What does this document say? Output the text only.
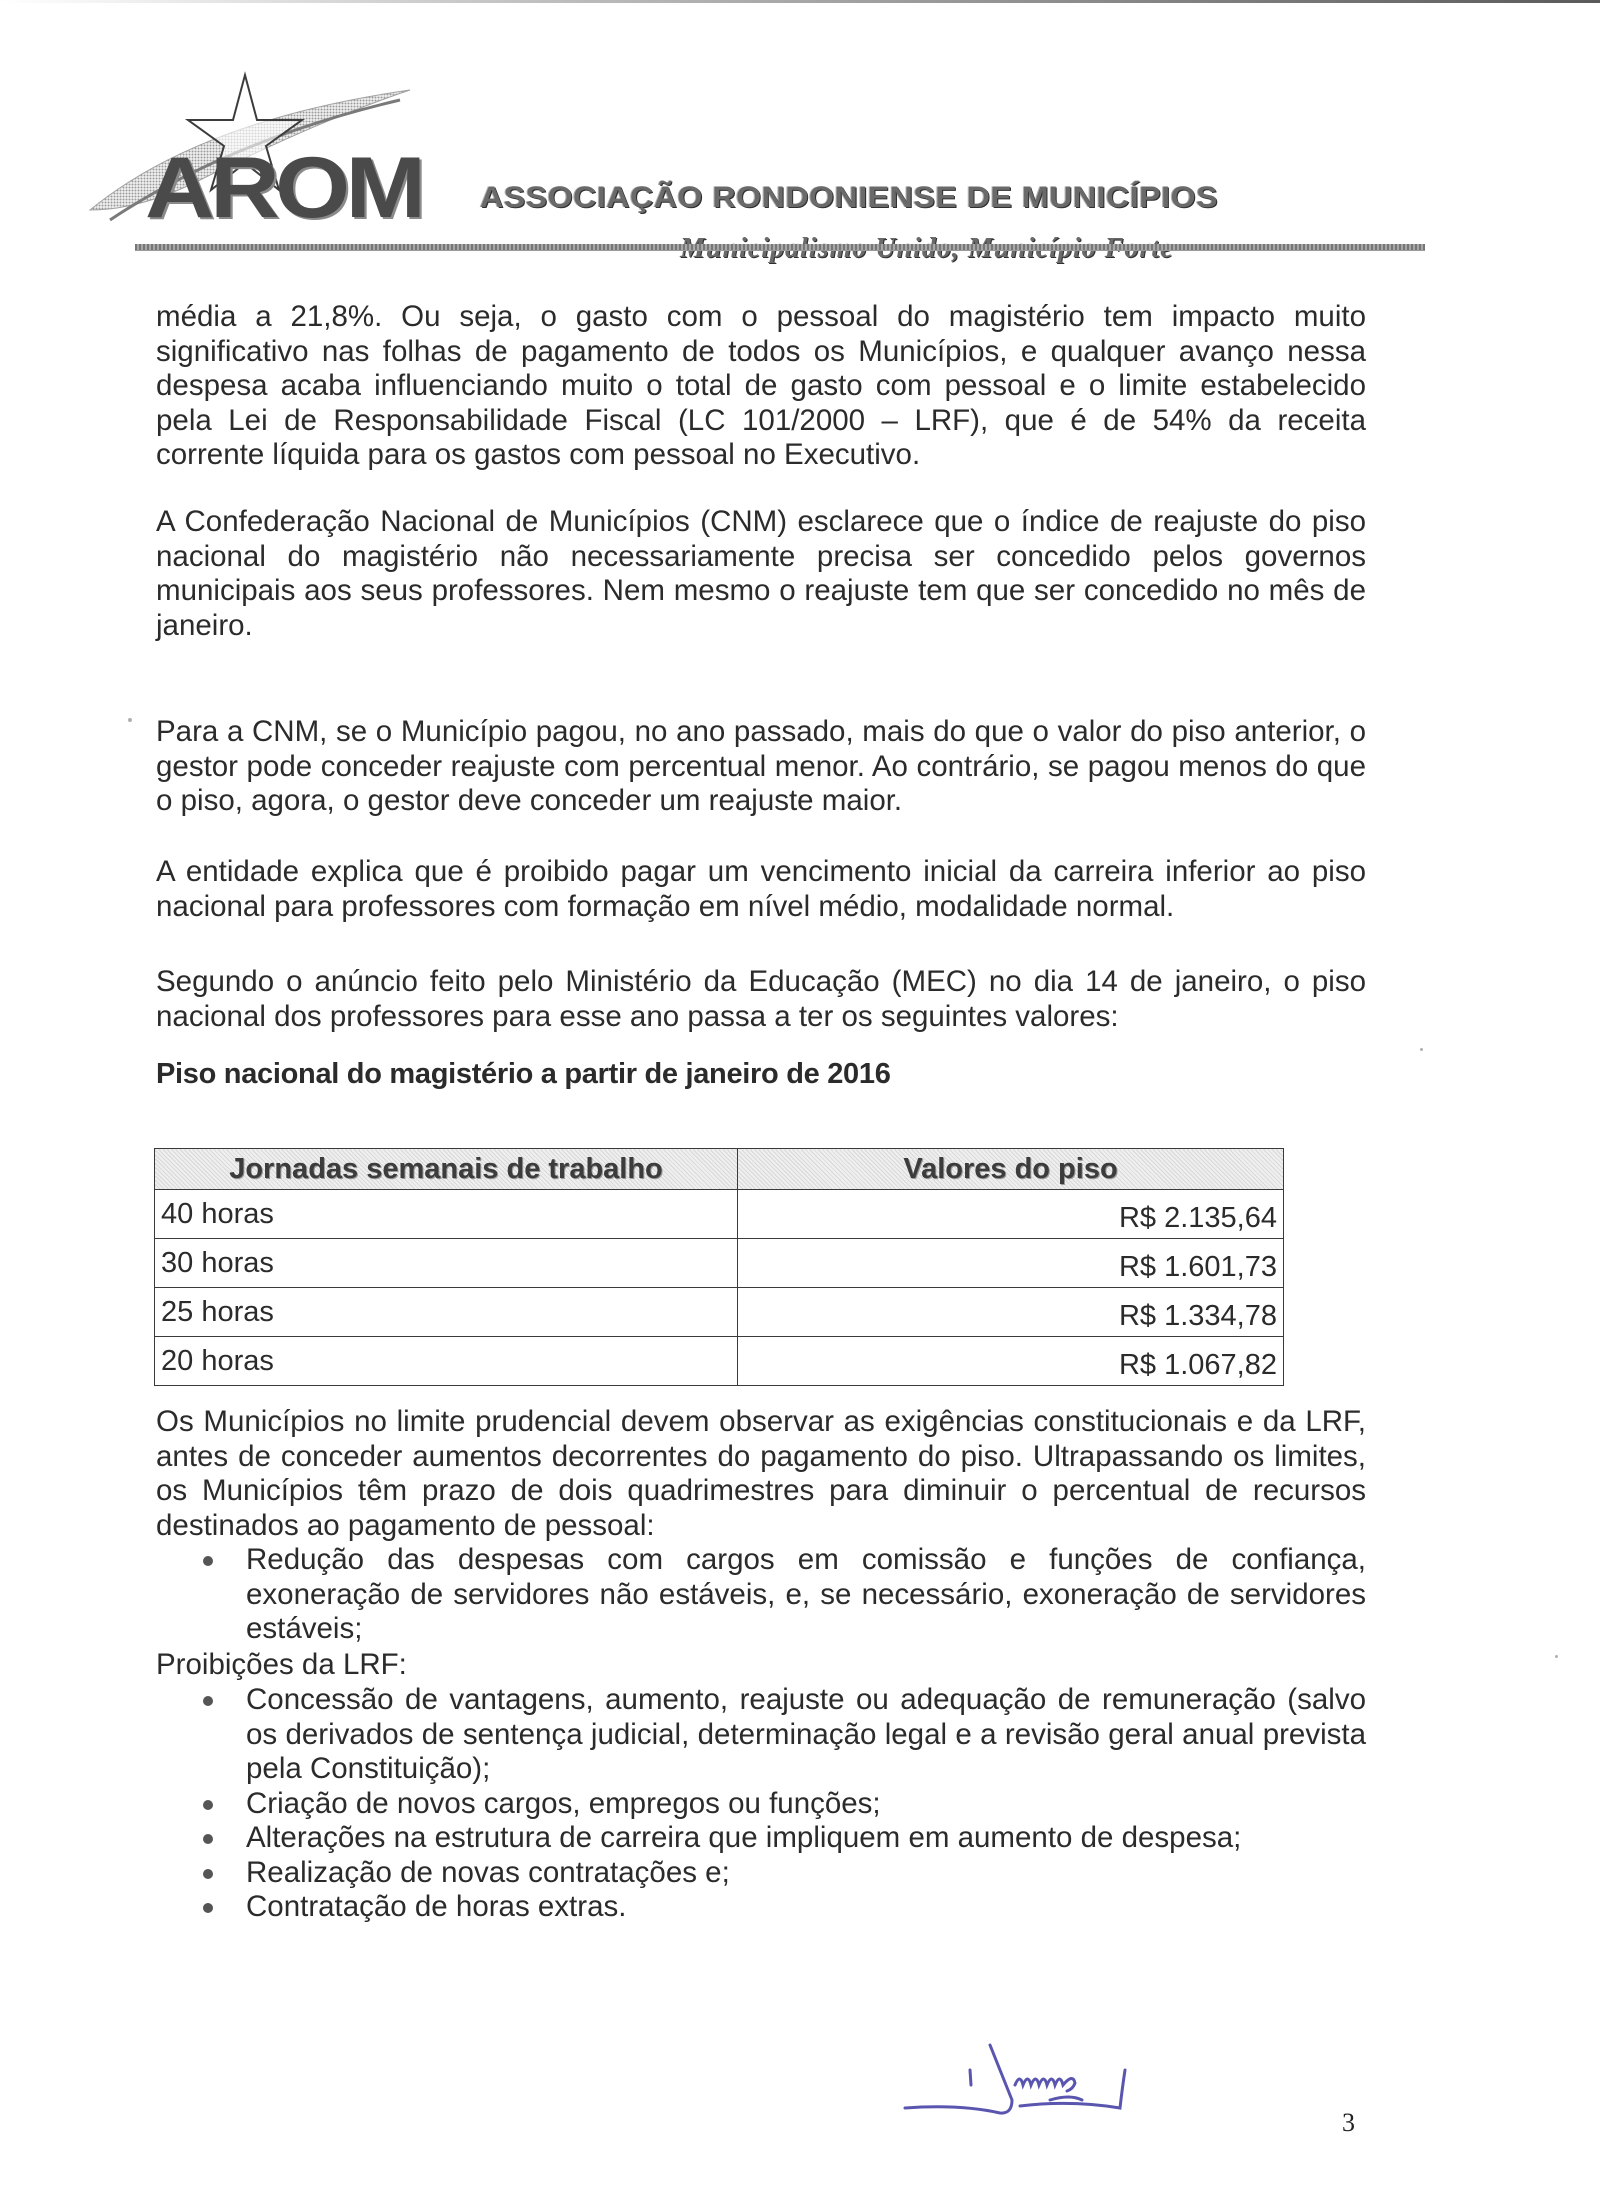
AROM ASSOCIAÇÃO RONDONIENSE DE MUNICÍPIOS

média a 21,8%. Ou seja, o gasto com o pessoal do magistério tem impacto muito significativo nas folhas de pagamento de todos os Municípios, e qualquer avanço nessa despesa acaba influenciando muito o total de gasto com pessoal e o limite estabelecido pela Lei de Responsabilidade Fiscal (LC 101/2000 – LRF), que é de 54% da receita corrente líquida para os gastos com pessoal no Executivo.

A Confederação Nacional de Municípios (CNM) esclarece que o índice de reajuste do piso nacional do magistério não necessariamente precisa ser concedido pelos governos municipais aos seus professores. Nem mesmo o reajuste tem que ser concedido no mês de janeiro.

Para a CNM, se o Município pagou, no ano passado, mais do que o valor do piso anterior, o gestor pode conceder reajuste com percentual menor. Ao contrário, se pagou menos do que o piso, agora, o gestor deve conceder um reajuste maior.

A entidade explica que é proibido pagar um vencimento inicial da carreira inferior ao piso nacional para professores com formação em nível médio, modalidade normal.

Segundo o anúncio feito pelo Ministério da Educação (MEC) no dia 14 de janeiro, o piso nacional dos professores para esse ano passa a ter os seguintes valores:

Piso nacional do magistério a partir de janeiro de 2016
Jornadas semanais de trabalho	Valores do piso
40 horas	R$ 2.135,64
30 horas	R$ 1.601,73
25 horas	R$ 1.334,78
20 horas	R$ 1.067,82

Os Municípios no limite prudencial devem observar as exigências constitucionais e da LRF, antes de conceder aumentos decorrentes do pagamento do piso. Ultrapassando os limites, os Municípios têm prazo de dois quadrimestres para diminuir o percentual de recursos destinados ao pagamento de pessoal:

Redução das despesas com cargos em comissão e funções de confiança, exoneração de servidores não estáveis, e, se necessário, exoneração de servidores estáveis;
Proibições da LRF:
Concessão de vantagens, aumento, reajuste ou adequação de remuneração (salvo os derivados de sentença judicial, determinação legal e a revisão geral anual prevista pela Constituição);
Criação de novos cargos, empregos ou funções;
Alterações na estrutura de carreira que impliquem em aumento de despesa;
Realização de novas contratações e;
Contratação de horas extras.
3
